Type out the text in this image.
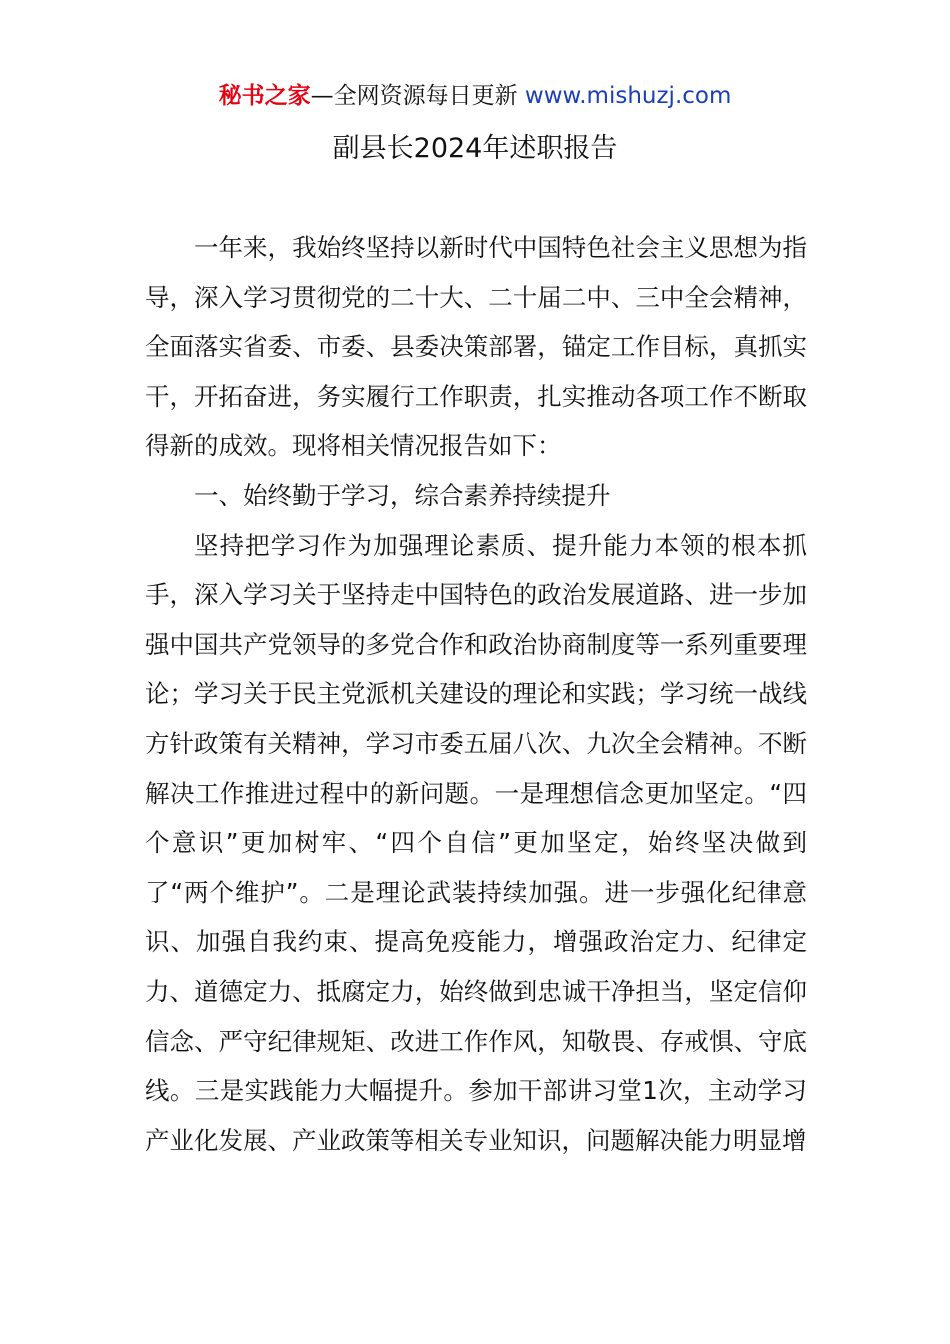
秘书之家—全网资源每日更新 www.mishuzj.com
副县长2024年述职报告

一年来，我始终坚持以新时代中国特色社会主义思想为指导，深入学习贯彻党的二十大、二十届二中、三中全会精神，全面落实省委、市委、县委决策部署，锚定工作目标，真抓实干，开拓奋进，务实履行工作职责，扎实推动各项工作不断取得新的成效。现将相关情况报告如下：

一、始终勤于学习，综合素养持续提升

坚持把学习作为加强理论素质、提升能力本领的根本抓手，深入学习关于坚持走中国特色的政治发展道路、进一步加强中国共产党领导的多党合作和政治协商制度等一系列重要理论；学习关于民主党派机关建设的理论和实践；学习统一战线方针政策有关精神，学习市委五届八次、九次全会精神。不断解决工作推进过程中的新问题。一是理想信念更加坚定。“四个意识”更加树牢、“四个自信”更加坚定，始终坚决做到了“两个维护”。二是理论武装持续加强。进一步强化纪律意识、加强自我约束、提高免疫能力，增强政治定力、纪律定力、道德定力、抵腐定力，始终做到忠诚干净担当，坚定信仰信念、严守纪律规矩、改进工作作风，知敬畏、存戒惧、守底线。三是实践能力大幅提升。参加干部讲习堂1次，主动学习产业化发展、产业政策等相关专业知识，问题解决能力明显增
